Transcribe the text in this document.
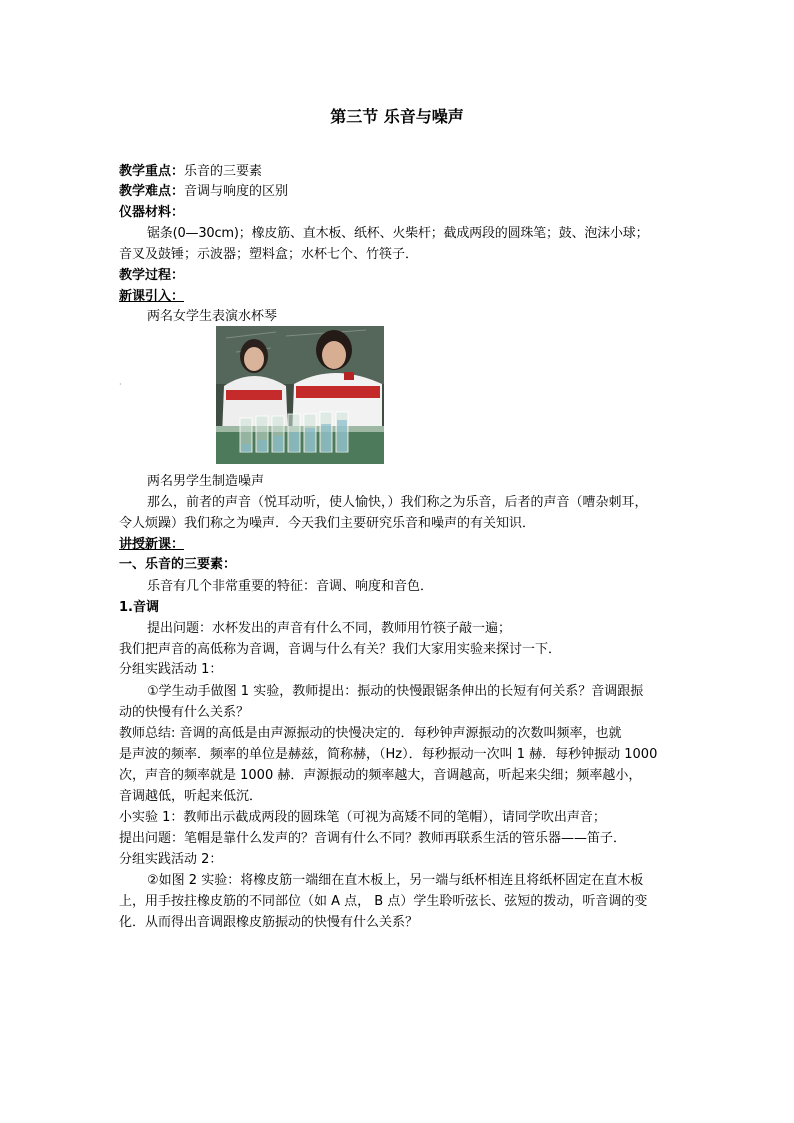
第三节 乐音与噪声
教学重点：乐音的三要素
教学难点：音调与响度的区别
仪器材料：
锯条(0—30cm)；橡皮筋、直木板、纸杯、火柴杆；截成两段的圆珠笔；鼓、泡沫小球；
音叉及鼓锤；示波器；塑料盒；水杯七个、竹筷子．
教学过程：
新课引入：
两名女学生表演水杯琴
·
两名男学生制造噪声
那么，前者的声音（悦耳动听，使人愉快，）我们称之为乐音，后者的声音（嘈杂刺耳，
令人烦躁）我们称之为噪声．今天我们主要研究乐音和噪声的有关知识．
讲授新课：
一、乐音的三要素：
乐音有几个非常重要的特征：音调、响度和音色．
1.音调
提出问题：水杯发出的声音有什么不同，教师用竹筷子敲一遍；
我们把声音的高低称为音调，音调与什么有关？我们大家用实验来探讨一下．
分组实践活动 1：
①学生动手做图 1 实验，教师提出：振动的快慢跟锯条伸出的长短有何关系？音调跟振
动的快慢有什么关系？
教师总结: 音调的高低是由声源振动的快慢决定的．每秒钟声源振动的次数叫频率，也就
是声波的频率．频率的单位是赫兹，简称赫，（Hz）．每秒振动一次叫 1 赫．每秒钟振动 1000
次，声音的频率就是 1000 赫．声源振动的频率越大，音调越高，听起来尖细；频率越小，
音调越低，听起来低沉．
小实验 1：教师出示截成两段的圆珠笔（可视为高矮不同的笔帽），请同学吹出声音；
提出问题：笔帽是靠什么发声的？音调有什么不同？教师再联系生活的管乐器——笛子．
分组实践活动 2：
②如图 2 实验：将橡皮筋一端细在直木板上，另一端与纸杯相连且将纸杯固定在直木板
上，用手按拄橡皮筋的不同部位（如 A 点， B 点）学生聆听弦长、弦短的拨动，听音调的变
化．从而得出音调跟橡皮筋振动的快慢有什么关系？
